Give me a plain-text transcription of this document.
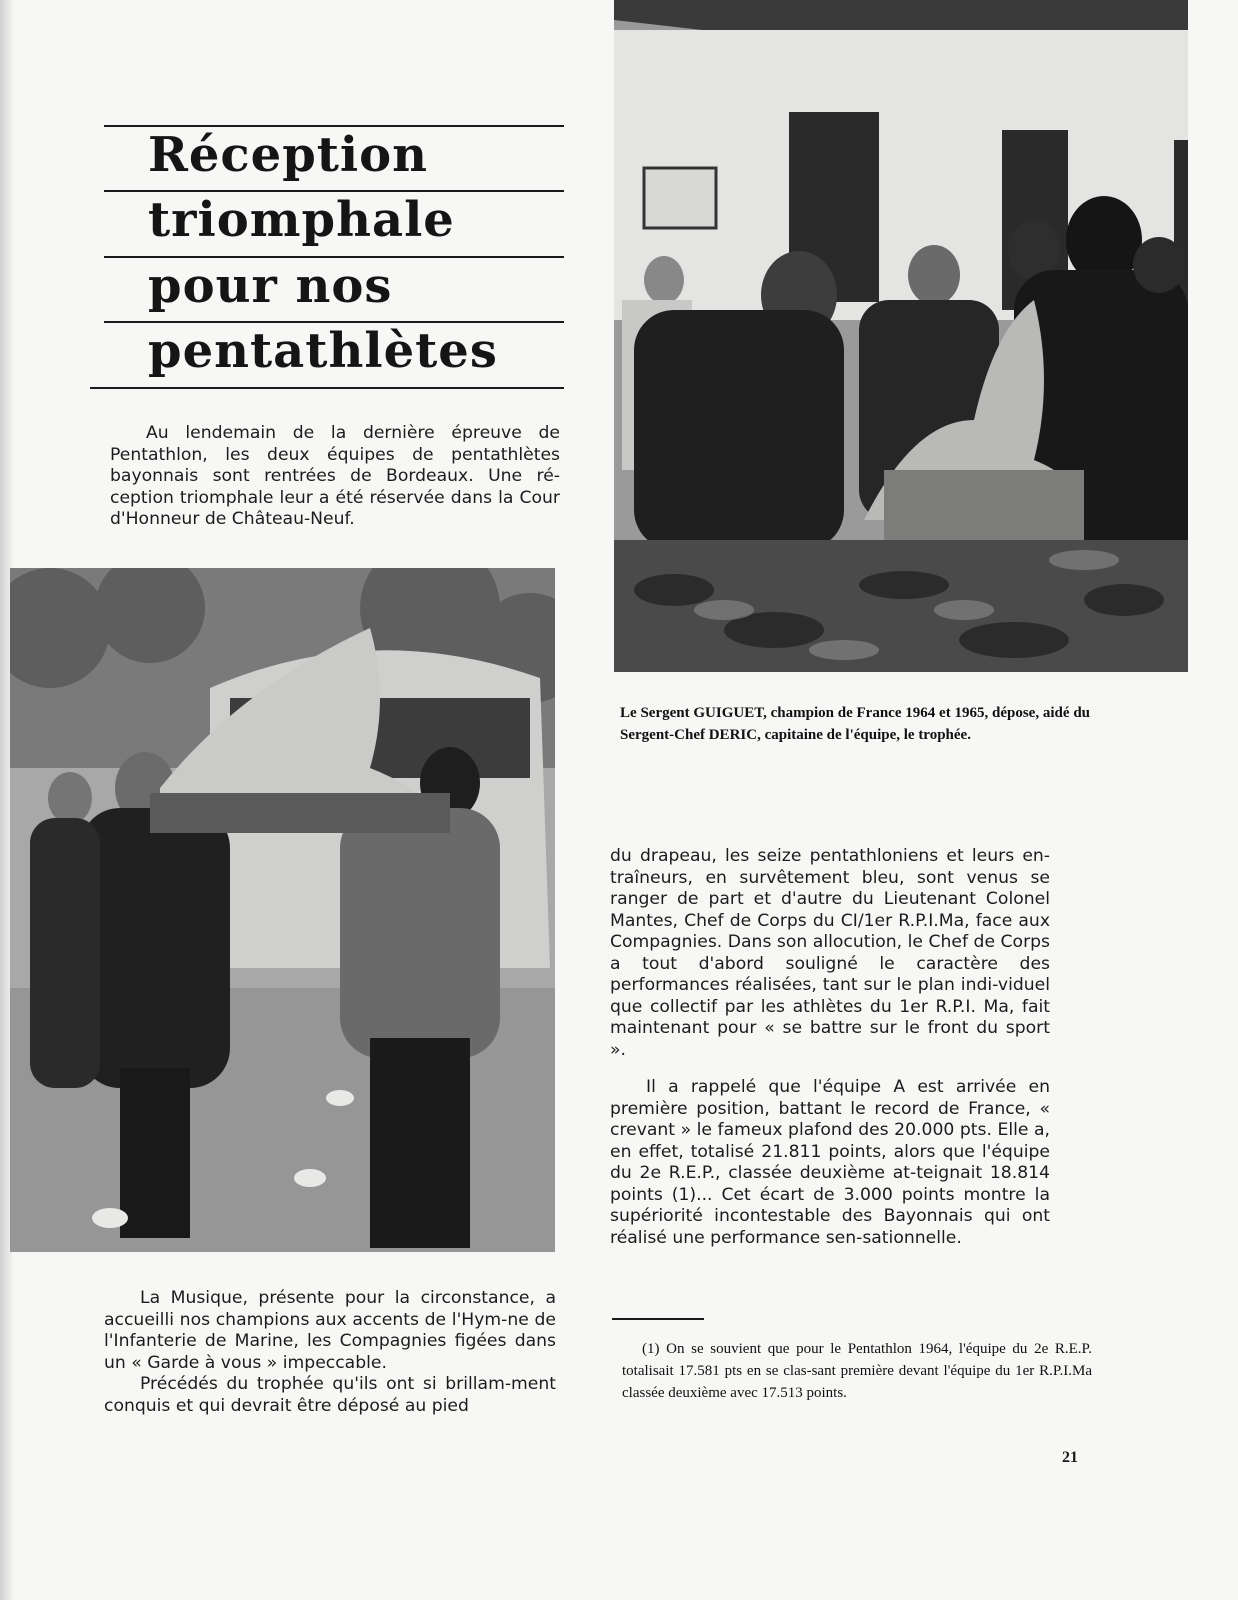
Réception
triomphale
pour nos
pentathlètes
Au lendemain de la dernière épreuve de Pentathlon, les deux équipes de pentathlètes bayonnais sont rentrées de Bordeaux. Une ré-ception triomphale leur a été réservée dans la Cour d'Honneur de Château-Neuf.
Le Sergent GUIGUET, champion de France 1964 et 1965, dépose, aidé du Sergent-Chef DERIC, capitaine de l'équipe, le trophée.

La Musique, présente pour la circonstance, a accueilli nos champions aux accents de l'Hym-ne de l'Infanterie de Marine, les Compagnies figées dans un « Garde à vous » impeccable.

Précédés du trophée qu'ils ont si brillam-ment conquis et qui devrait être déposé au pied

du drapeau, les seize pentathloniens et leurs en-traîneurs, en survêtement bleu, sont venus se ranger de part et d'autre du Lieutenant Colonel Mantes, Chef de Corps du CI/1er R.P.I.Ma, face aux Compagnies. Dans son allocution, le Chef de Corps a tout d'abord souligné le caractère des performances réalisées, tant sur le plan indi-viduel que collectif par les athlètes du 1er R.P.I. Ma, fait maintenant pour « se battre sur le front du sport ».

Il a rappelé que l'équipe A est arrivée en première position, battant le record de France, « crevant » le fameux plafond des 20.000 pts. Elle a, en effet, totalisé 21.811 points, alors que l'équipe du 2e R.E.P., classée deuxième at-teignait 18.814 points (1)... Cet écart de 3.000 points montre la supériorité incontestable des Bayonnais qui ont réalisé une performance sen-sationnelle.

(1) On se souvient que pour le Pentathlon 1964, l'équipe du 2e R.E.P. totalisait 17.581 pts en se clas-sant première devant l'équipe du 1er R.P.I.Ma classée deuxième avec 17.513 points.
21
